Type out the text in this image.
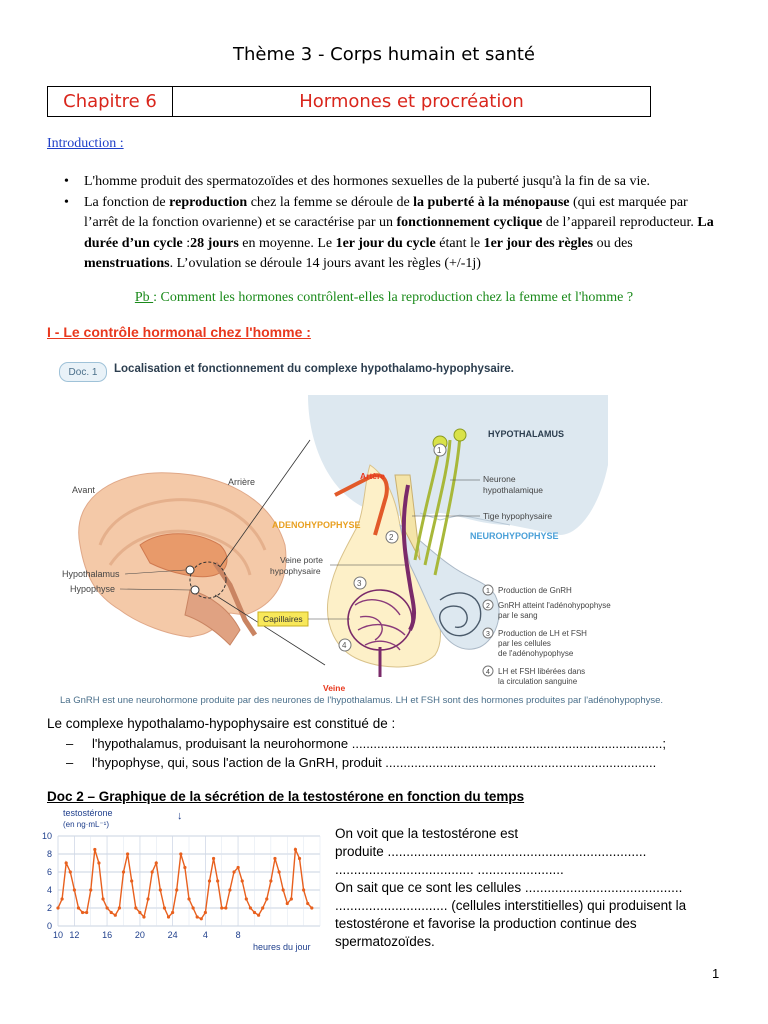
Thème 3 - Corps humain et santé
Chapitre 6	Hormones et procréation
Introduction :
• L'homme produit des spermatozoïdes et des hormones sexuelles de la puberté jusqu'à la fin de sa vie.
• La fonction de reproduction chez la femme se déroule de la puberté à la ménopause (qui est marquée par l’arrêt de la fonction ovarienne) et se caractérise par un fonctionnement cyclique de l’appareil reproducteur. La durée d’un cycle :28 jours en moyenne. Le 1er jour du cycle étant le 1er jour des règles ou des menstruations. L’ovulation se déroule 14 jours avant les règles (+/-1j)
Pb : Comment les hormones contrôlent-elles la reproduction chez la femme et l'homme ?
I - Le contrôle hormonal chez l'homme :
Doc. 1	Localisation et fonctionnement du complexe hypothalamo-hypophysaire.
Avant
Arrière
Hypothalamus
Hypophyse
1
2
3
4
HYPOTHALAMUS
Artère	Neurone
hypothalamique
Tige hypophysaire
ADENOHYPOPHYSE
NEUROHYPOPHYSE
Veine porte
hypophysaire
Capillaires
Veine
1 Production de GnRH
2 GnRH atteint l'adénohypophyse
par le sang
3 Production de LH et FSH
par les cellules
de l'adénohypophyse
4 LH et FSH libérées dans
la circulation sanguine
La GnRH est une neurohormone produite par des neurones de l'hypothalamus. LH et FSH sont des hormones produites par l'adénohypophyse.
Le complexe hypothalamo-hypophysaire est constitué de :
– l'hypothalamus, produisant la neurohormone ......................................................................................;
– l'hypophyse, qui, sous l'action de la GnRH, produit ...........................................................................
Doc 2 – Graphique de la sécrétion de la testostérone en fonction du temps
0
2
4
6
8
10
10 12	16	20	24	4	8
testostérone
(en ng·mL⁻¹)
heures du jour
↓
On voit que la testostérone est
produite .....................................................................
..................................... .......................
On sait que ce sont les cellules ..........................................
.............................. (cellules interstitielles) qui produisent la
testostérone et favorise la production continue des
spermatozoïdes.
1
